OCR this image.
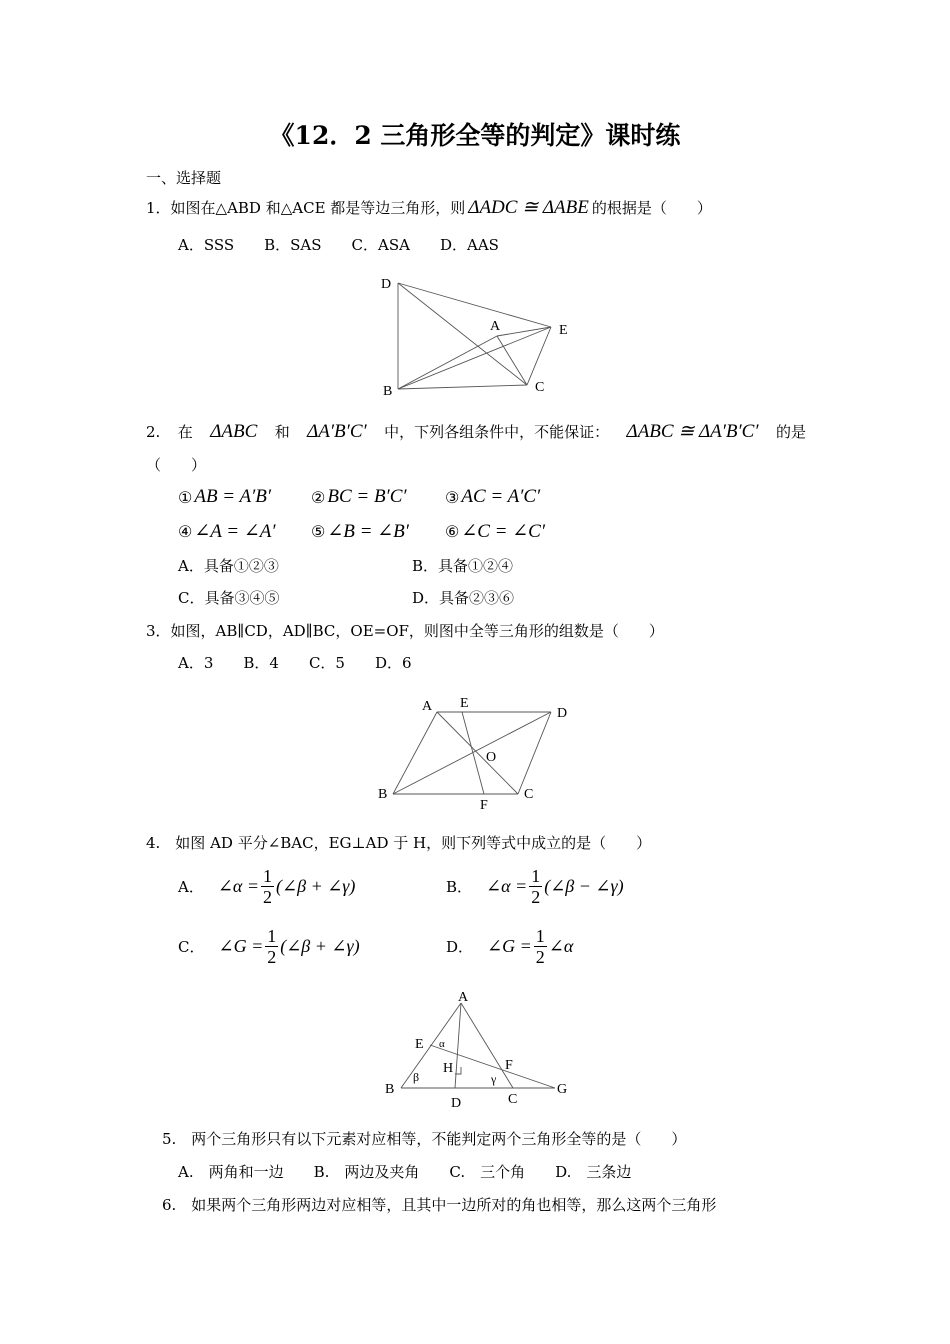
《12．2 三角形全等的判定》课时练
一、选择题
1．如图在△ABD 和△ACE 都是等边三角形，则 ΔADC ≅ ΔABE 的根据是（　　）
A．SSS　　B．SAS　　C．ASA　　D．AAS
D
A	E
B	C
2. 在 ΔABC 和 ΔA′B′C′ 中，下列各组条件中，不能保证： ΔABC ≅ ΔA′B′C′ 的是
（　　）
① AB = A′B′ ② BC = B′C′ ③ AC = A′C′
④ ∠A = ∠A′ ⑤ ∠B = ∠B′ ⑥ ∠C = ∠C′
A．具备①②③	B．具备①②④
C．具备③④⑤	D．具备②③⑥
3．如图，AB∥CD，AD∥BC，OE=OF，则图中全等三角形的组数是（　　）
A．3　　B．4　　C．5　　D．6
A E
D
O
B
F
C
4.　如图 AD 平分∠BAC，EG⊥AD 于 H，则下列等式中成立的是（　　）
A． ∠α = $\frac{1}{2}$ (∠β + ∠γ)	B． ∠α = $\frac{1}{2}$ (∠β − ∠γ)
C． ∠G = $\frac{1}{2}$ (∠β + ∠γ)	D． ∠G = $\frac{1}{2}$ ∠α
A
E α
H	F
B
β	γ
G
D	C
5.　两个三角形只有以下元素对应相等，不能判定两个三角形全等的是（　　）
A.　两角和一边　　B.　两边及夹角　　C.　三个角　　D.　三条边
6.　如果两个三角形两边对应相等，且其中一边所对的角也相等，那么这两个三角形
